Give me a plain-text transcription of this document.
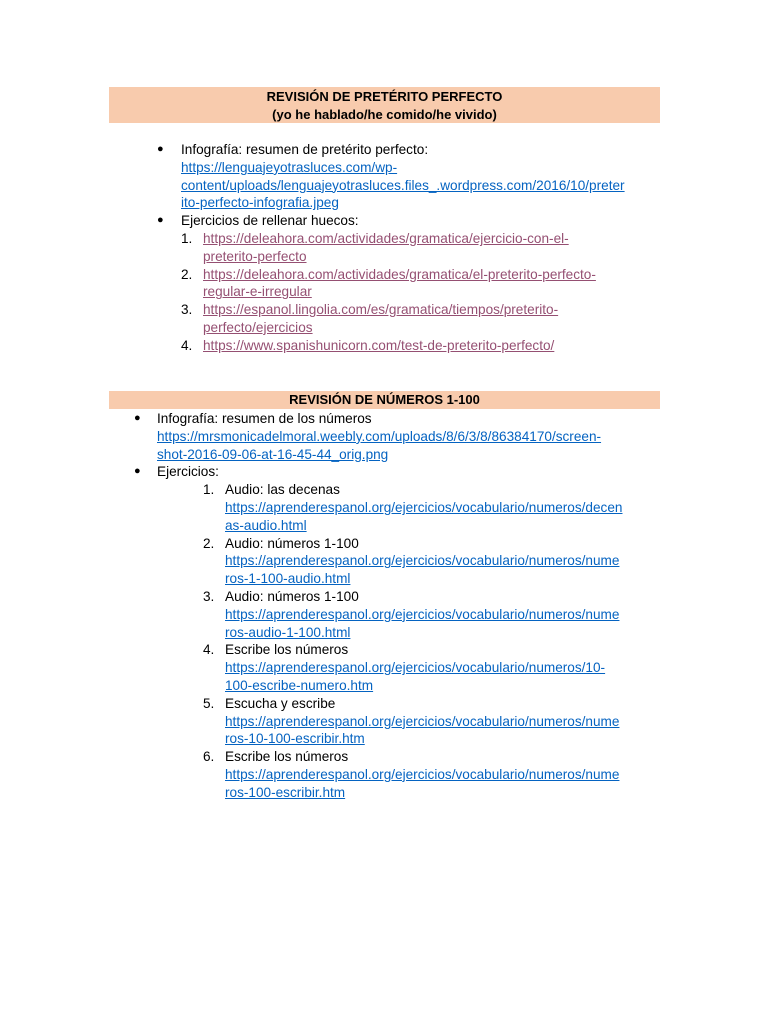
REVISIÓN DE PRETÉRITO PERFECTO
(yo he hablado/he comido/he vivido)
● Infografía: resumen de pretérito perfecto:
https://lenguajeyotrasluces.com/wp-
content/uploads/lenguajeyotrasluces.files_.wordpress.com/2016/10/preter
ito-perfecto-infografia.jpeg
● Ejercicios de rellenar huecos:
1. https://deleahora.com/actividades/gramatica/ejercicio-con-el-
preterito-perfecto
2. https://deleahora.com/actividades/gramatica/el-preterito-perfecto-
regular-e-irregular
3. https://espanol.lingolia.com/es/gramatica/tiempos/preterito-
perfecto/ejercicios
4. https://www.spanishunicorn.com/test-de-preterito-perfecto/
REVISIÓN DE NÚMEROS 1-100
● Infografía: resumen de los números
https://mrsmonicadelmoral.weebly.com/uploads/8/6/3/8/86384170/screen-
shot-2016-09-06-at-16-45-44_orig.png
● Ejercicios:
1. Audio: las decenas
https://aprenderespanol.org/ejercicios/vocabulario/numeros/decen
as-audio.html
2. Audio: números 1-100
https://aprenderespanol.org/ejercicios/vocabulario/numeros/nume
ros-1-100-audio.html
3. Audio: números 1-100
https://aprenderespanol.org/ejercicios/vocabulario/numeros/nume
ros-audio-1-100.html
4. Escribe los números
https://aprenderespanol.org/ejercicios/vocabulario/numeros/10-
100-escribe-numero.htm
5. Escucha y escribe
https://aprenderespanol.org/ejercicios/vocabulario/numeros/nume
ros-10-100-escribir.htm
6. Escribe los números
https://aprenderespanol.org/ejercicios/vocabulario/numeros/nume
ros-100-escribir.htm
